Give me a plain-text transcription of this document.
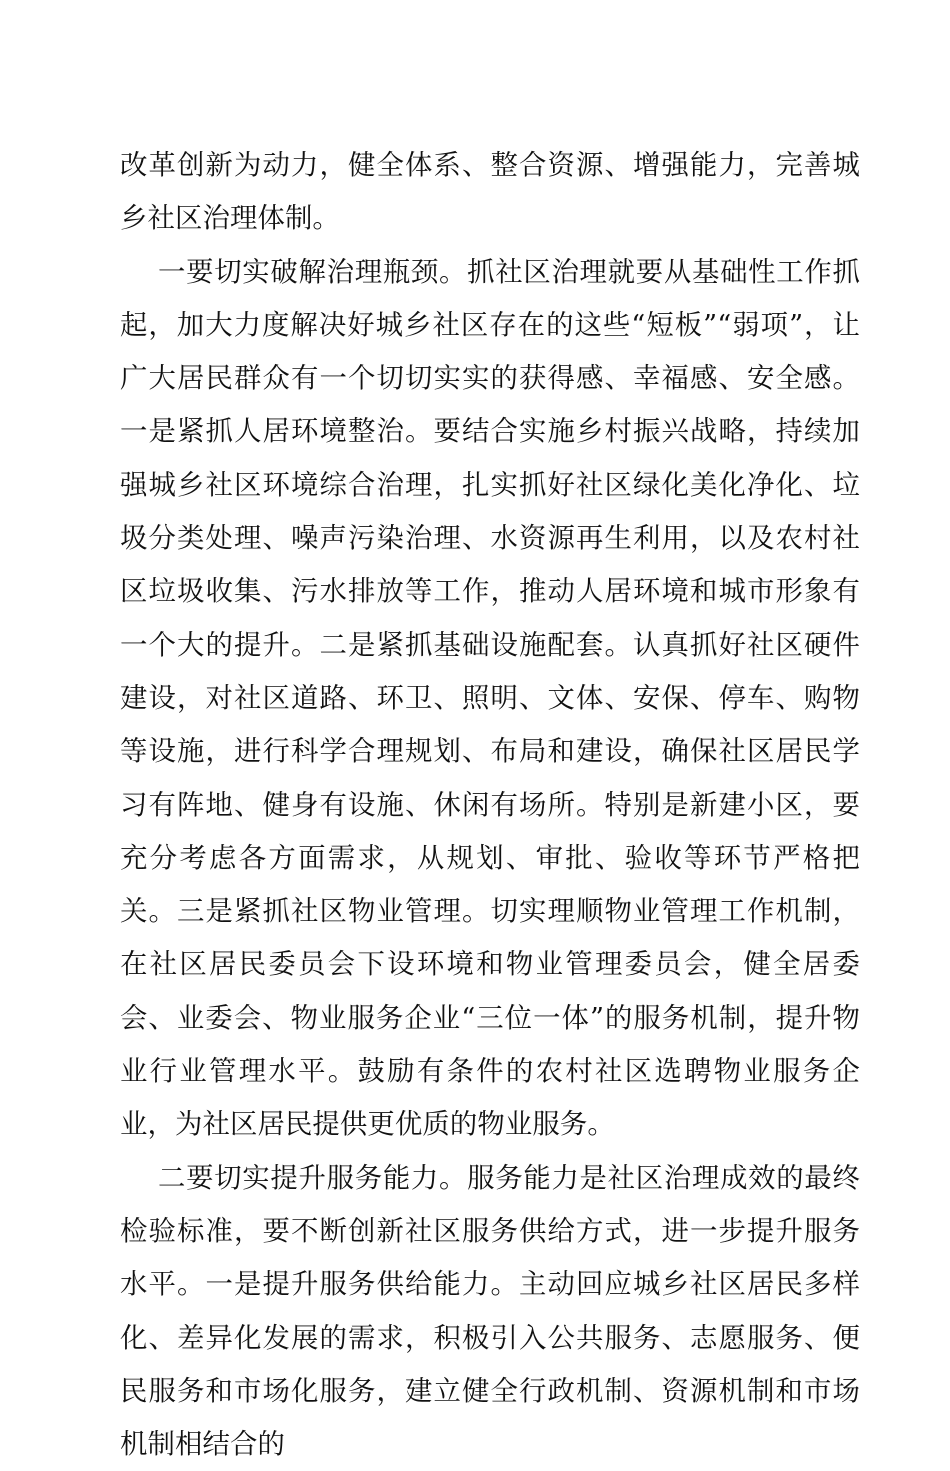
改革创新为动力，健全体系、整合资源、增强能力，完善城乡社区治理体制。

一要切实破解治理瓶颈。抓社区治理就要从基础性工作抓起，加大力度解决好城乡社区存在的这些“短板”“弱项”，让广大居民群众有一个切切实实的获得感、幸福感、安全感。一是紧抓人居环境整治。要结合实施乡村振兴战略，持续加强城乡社区环境综合治理，扎实抓好社区绿化美化净化、垃圾分类处理、噪声污染治理、水资源再生利用，以及农村社区垃圾收集、污水排放等工作，推动人居环境和城市形象有一个大的提升。二是紧抓基础设施配套。认真抓好社区硬件建设，对社区道路、环卫、照明、文体、安保、停车、购物等设施，进行科学合理规划、布局和建设，确保社区居民学习有阵地、健身有设施、休闲有场所。特别是新建小区，要充分考虑各方面需求，从规划、审批、验收等环节严格把关。三是紧抓社区物业管理。切实理顺物业管理工作机制，在社区居民委员会下设环境和物业管理委员会，健全居委会、业委会、物业服务企业“三位一体”的服务机制，提升物业行业管理水平。鼓励有条件的农村社区选聘物业服务企业，为社区居民提供更优质的物业服务。

二要切实提升服务能力。服务能力是社区治理成效的最终检验标准，要不断创新社区服务供给方式，进一步提升服务水平。一是提升服务供给能力。主动回应城乡社区居民多样化、差异化发展的需求，积极引入公共服务、志愿服务、便民服务和市场化服务，建立健全行政机制、资源机制和市场机制相结合的
